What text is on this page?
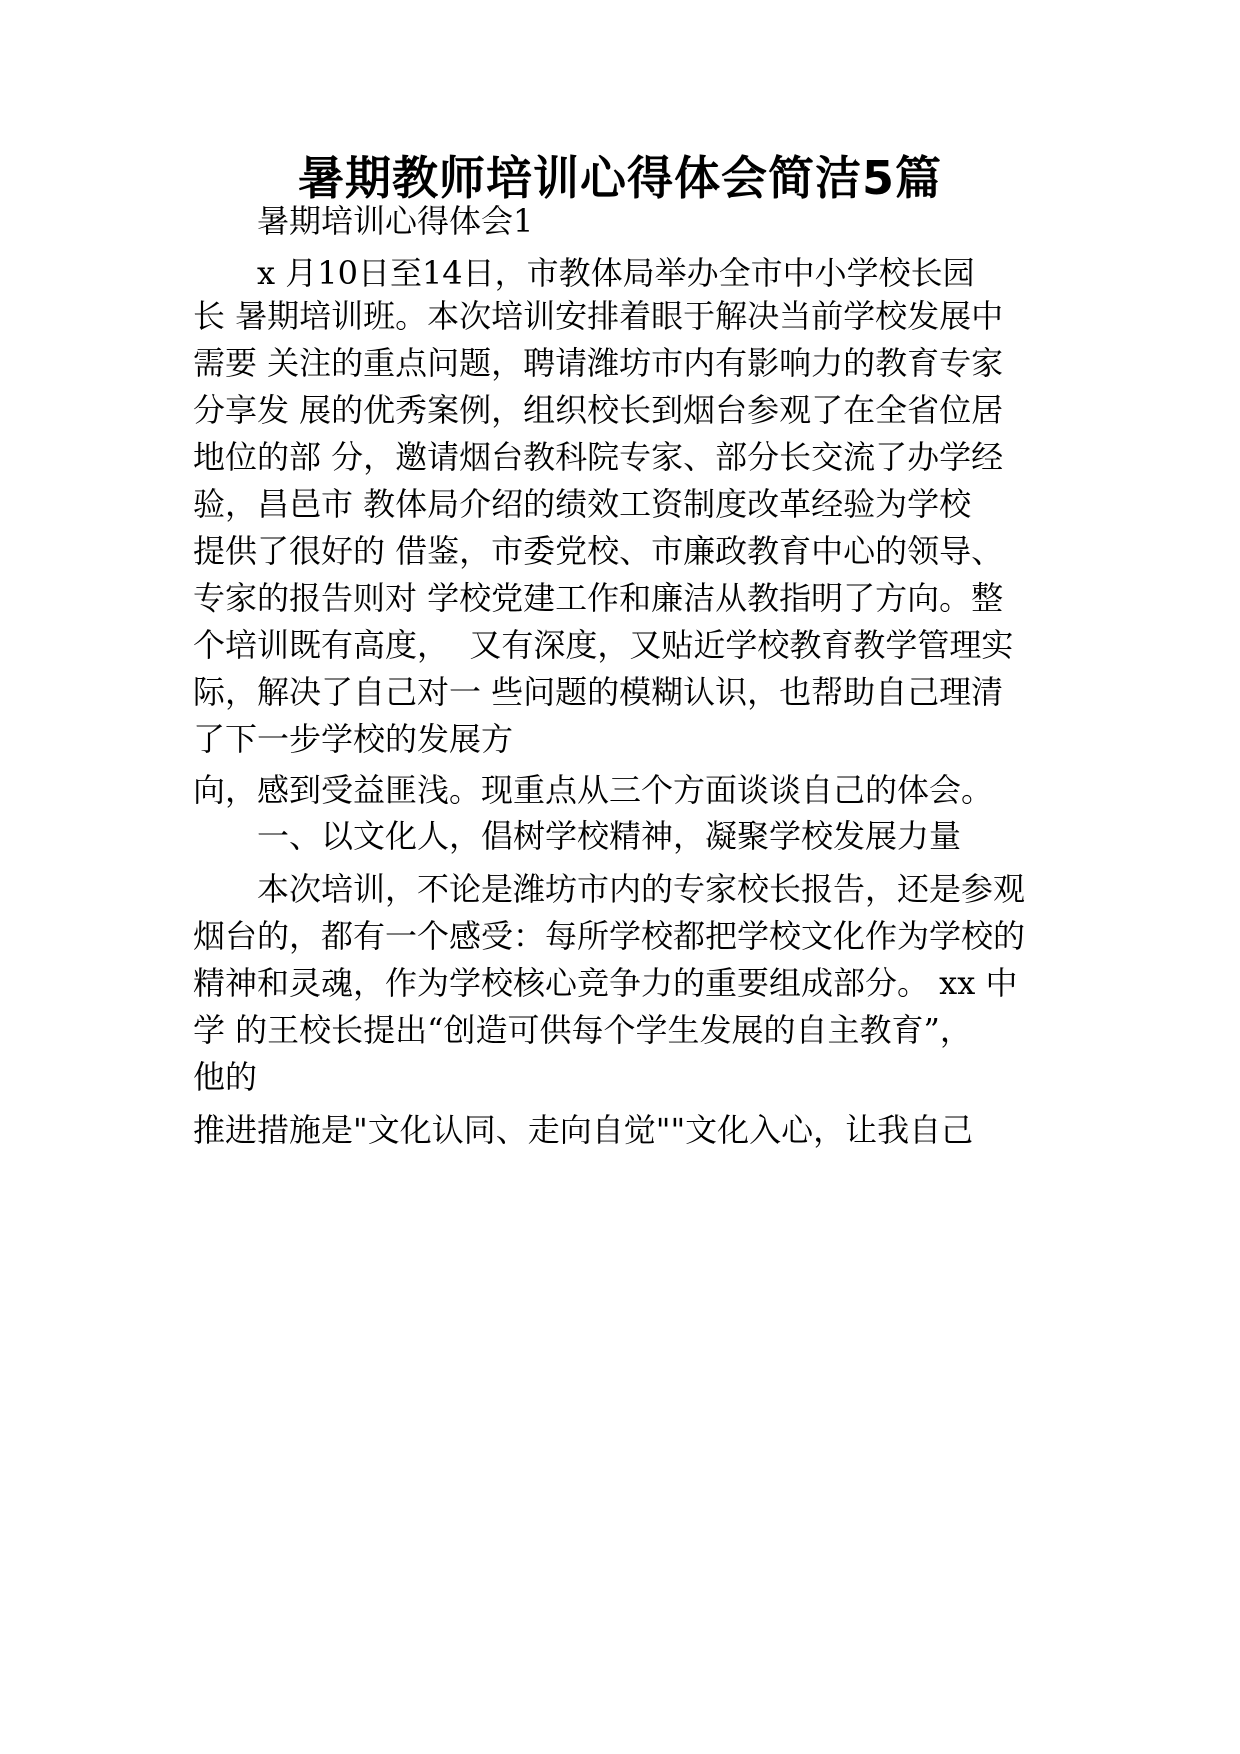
暑期教师培训心得体会简洁5篇

暑期培训心得体会1

x 月10日至14日，市教体局举办全市中小学校长园

长 暑期培训班。本次培训安排着眼于解决当前学校发展中

需要 关注的重点问题，聘请潍坊市内有影响力的教育专家

分享发 展的优秀案例，组织校长到烟台参观了在全省位居

地位的部 分，邀请烟台教科院专家、部分长交流了办学经

验，昌邑市 教体局介绍的绩效工资制度改革经验为学校

提供了很好的 借鉴，市委党校、市廉政教育中心的领导、

专家的报告则对 学校党建工作和廉洁从教指明了方向。整

个培训既有高度，  又有深度，又贴近学校教育教学管理实

际，解决了自己对一 些问题的模糊认识，也帮助自己理清

了下一步学校的发展方

向，感到受益匪浅。现重点从三个方面谈谈自己的体会。

一、以文化人，倡树学校精神，凝聚学校发展力量

本次培训，不论是潍坊市内的专家校长报告，还是参观

烟台的，都有一个感受：每所学校都把学校文化作为学校的

精神和灵魂，作为学校核心竞争力的重要组成部分。 xx 中

学 的王校长提出“创造可供每个学生发展的自主教育”，

他的

推进措施是"文化认同、走向自觉""文化入心，让我自己
